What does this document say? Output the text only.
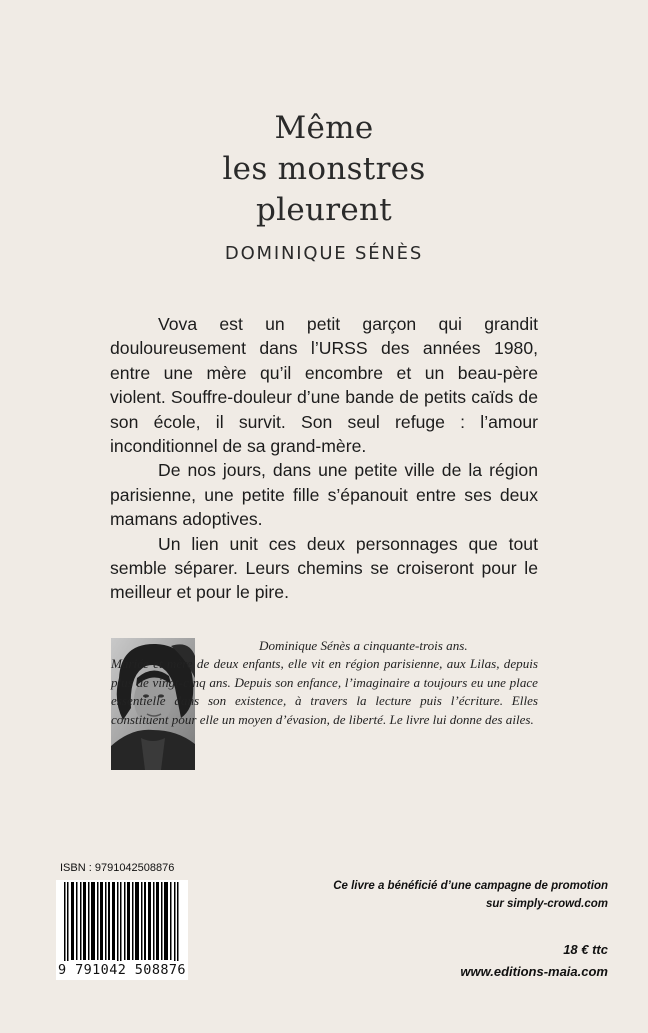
Même
les monstres
pleurent
DOMINIQUE SÉNÈS

Vova est un petit garçon qui grandit douloureusement dans l’URSS des années 1980, entre une mère qu’il encombre et un beau-père violent. Souffre-douleur d’une bande de petits caïds de son école, il survit. Son seul refuge : l’amour inconditionnel de sa grand-mère.

De nos jours, dans une petite ville de la région parisienne, une petite fille s’épanouit entre ses deux mamans adoptives.

Un lien unit ces deux personnages que tout semble séparer. Leurs chemins se croiseront pour le meilleur et pour le pire.

Dominique Sénès a cinquante-trois ans.
Mariée et mère de deux enfants, elle vit en région parisienne, aux Lilas, depuis plus de vingt-cinq ans. Depuis son enfance, l’imaginaire a toujours eu une place essentielle dans son existence, à travers la lecture puis l’écriture. Elles constituent pour elle un moyen d’évasion, de liberté. Le livre lui donne des ailes.
ISBN : 9791042508876
9 791042 508876
Ce livre a bénéficié d’une campagne de promotion
sur simply-crowd.com
18 € ttc
www.editions-maia.com
